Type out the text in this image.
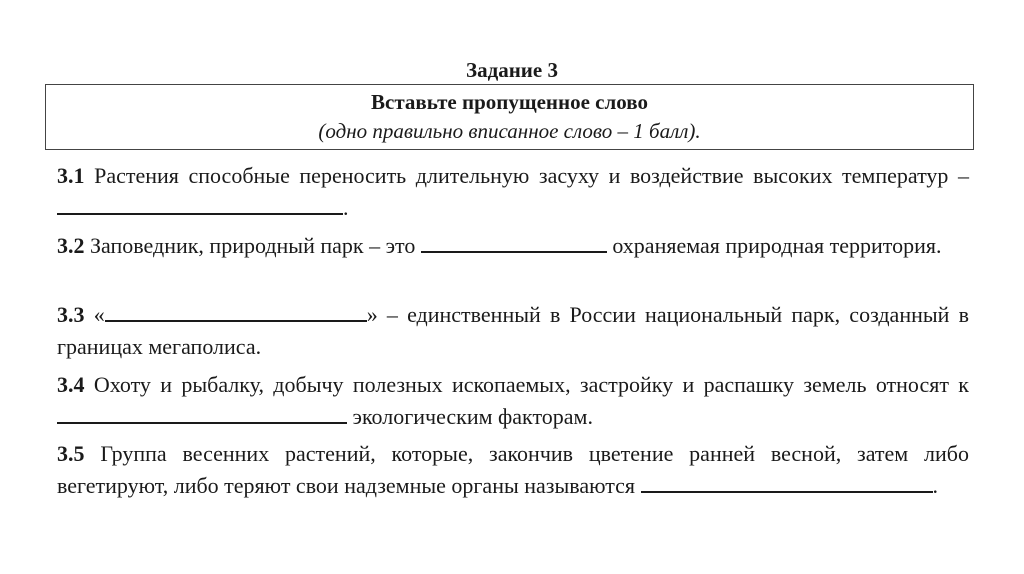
Задание 3
Вставьте пропущенное слово
(одно правильно вписанное слово – 1 балл).
3.1 Растения способные переносить длительную засуху и воздействие высоких температур – .
3.2 Заповедник, природный парк – это	охраняемая природная территория.
3.3 «	» – единственный в России национальный парк, созданный в границах мегаполиса.
3.4 Охоту и рыбалку, добычу полезных ископаемых, застройку и распашку земель относят к  экологическим факторам.
3.5 Группа весенних растений, которые, закончив цветение ранней весной, затем либо вегетируют, либо теряют свои надземные органы называются	.
